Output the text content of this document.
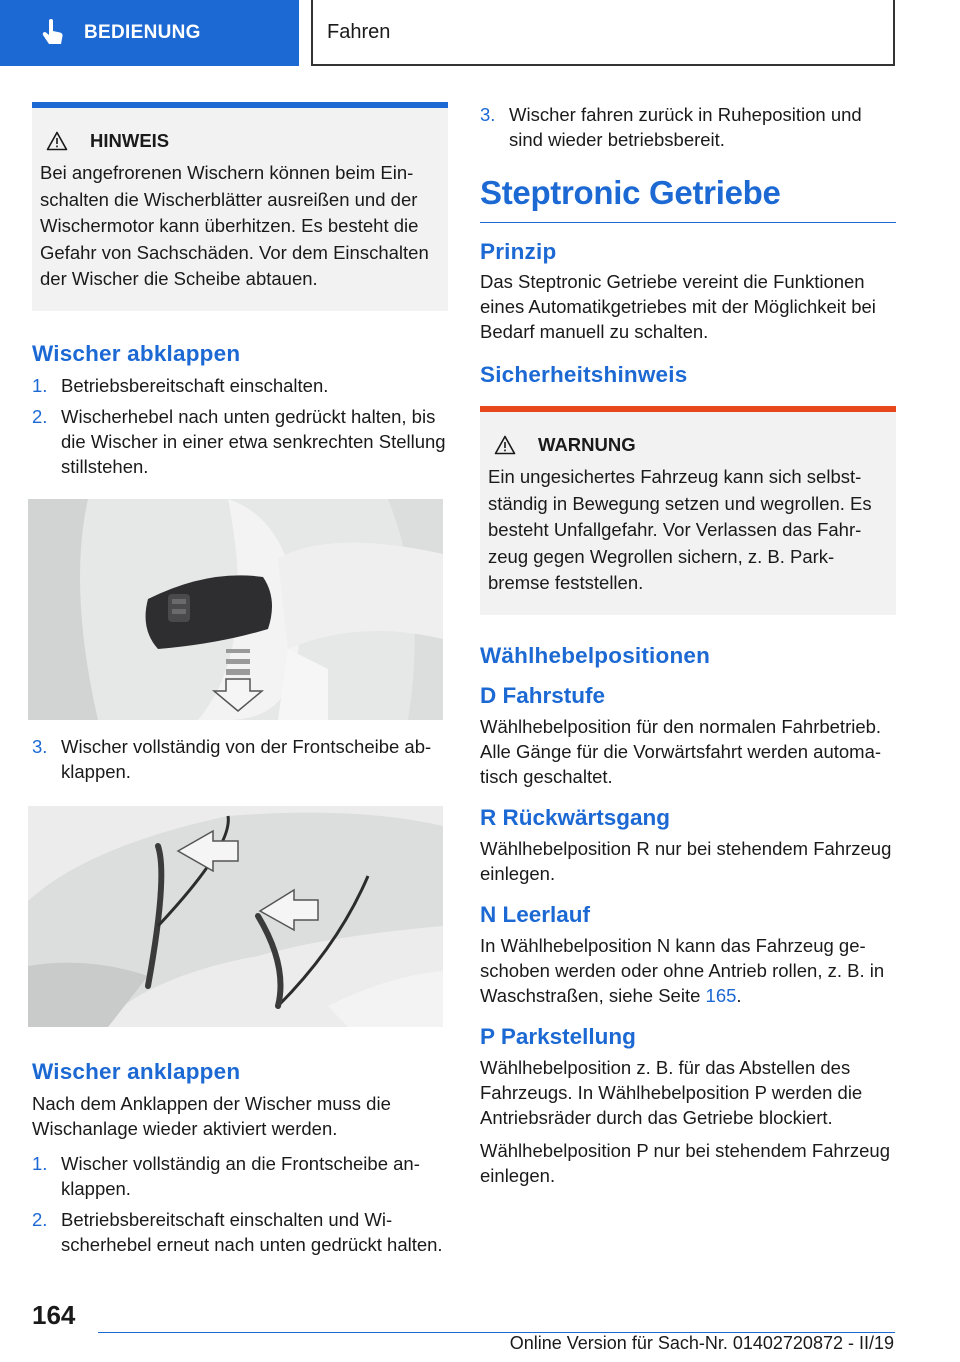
BEDIENUNG	Fahren
HINWEIS

Bei angefrorenen Wischern können beim Einschalten die Wischerblätter ausreißen und der Wischermotor kann überhitzen. Es besteht die Gefahr von Sachschäden. Vor dem Einschalten der Wischer die Scheibe abtauen.

Wischer abklappen
1. Betriebsbereitschaft einschalten.
2. Wischerhebel nach unten gedrückt halten, bis die Wischer in einer etwa senkrechten Stellung stillstehen.
3. Wischer vollständig von der Frontscheibe abklappen.
Wischer anklappen

Nach dem Anklappen der Wischer muss die Wischanlage wieder aktiviert werden.

1. Wischer vollständig an die Frontscheibe anklappen.
2. Betriebsbereitschaft einschalten und Wischerhebel erneut nach unten gedrückt halten.
3. Wischer fahren zurück in Ruheposition und sind wieder betriebsbereit.
Steptronic Getriebe
Prinzip

Das Steptronic Getriebe vereint die Funktionen eines Automatikgetriebes mit der Möglichkeit bei Bedarf manuell zu schalten.

Sicherheitshinweis
WARNUNG

Ein ungesichertes Fahrzeug kann sich selbstständig in Bewegung setzen und wegrollen. Es besteht Unfallgefahr. Vor Verlassen das Fahrzeug gegen Wegrollen sichern, z. B. Parkbremse feststellen.

Wählhebelpositionen
D Fahrstufe

Wählhebelposition für den normalen Fahrbetrieb. Alle Gänge für die Vorwärtsfahrt werden automatisch geschaltet.

R Rückwärtsgang

Wählhebelposition R nur bei stehendem Fahrzeug einlegen.

N Leerlauf

In Wählhebelposition N kann das Fahrzeug geschoben werden oder ohne Antrieb rollen, z. B. in Waschstraßen, siehe Seite 165.

P Parkstellung

Wählhebelposition z. B. für das Abstellen des Fahrzeugs. In Wählhebelposition P werden die Antriebsräder durch das Getriebe blockiert.

Wählhebelposition P nur bei stehendem Fahrzeug einlegen.

164
Online Version für Sach-Nr. 01402720872 - II/19
